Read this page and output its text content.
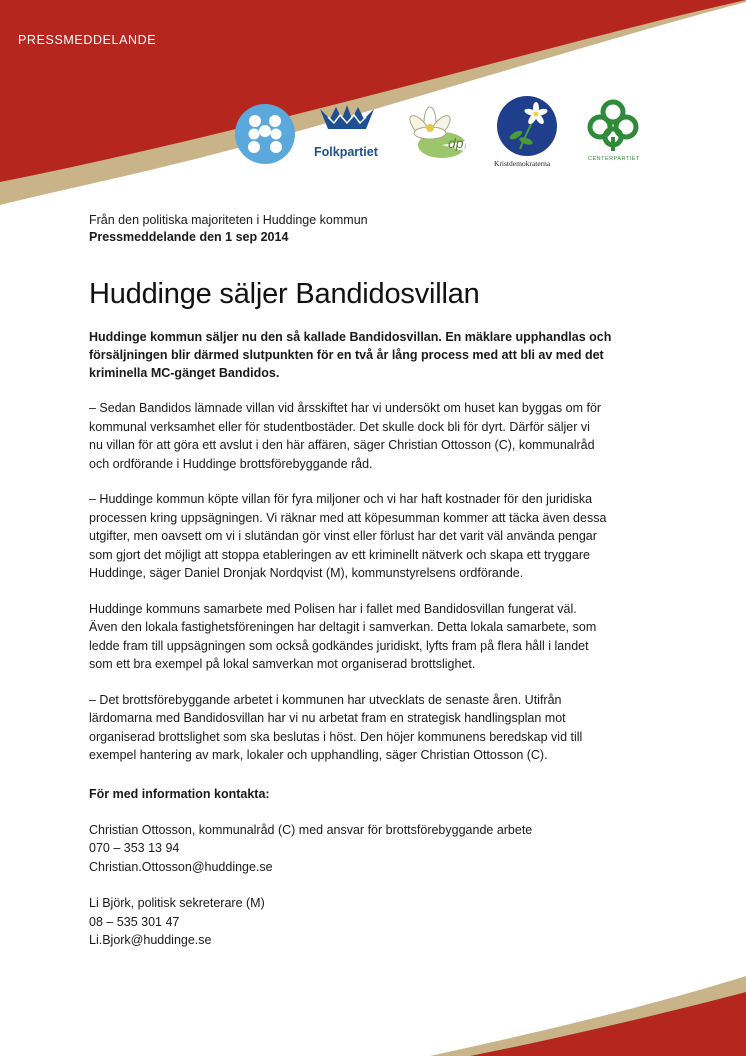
PRESSMEDDELANDE
Folkpartiet
dp
Kristdemokraterna	CENTERPARTIET
Från den politiska majoriteten i Huddinge kommun
Pressmeddelande den 1 sep 2014
Huddinge säljer Bandidosvillan
Huddinge kommun säljer nu den så kallade Bandidosvillan. En mäklare upphandlas och
försäljningen blir därmed slutpunkten för en två år lång process med att bli av med det
kriminella MC-gänget Bandidos.
– Sedan Bandidos lämnade villan vid årsskiftet har vi undersökt om huset kan byggas om för
kommunal verksamhet eller för studentbostäder. Det skulle dock bli för dyrt. Därför säljer vi
nu villan för att göra ett avslut i den här affären, säger Christian Ottosson (C), kommunalråd
och ordförande i Huddinge brottsförebyggande råd.
– Huddinge kommun köpte villan för fyra miljoner och vi har haft kostnader för den juridiska
processen kring uppsägningen. Vi räknar med att köpesumman kommer att täcka även dessa
utgifter, men oavsett om vi i slutändan gör vinst eller förlust har det varit väl använda pengar
som gjort det möjligt att stoppa etableringen av ett kriminellt nätverk och skapa ett tryggare
Huddinge, säger Daniel Dronjak Nordqvist (M), kommunstyrelsens ordförande.
Huddinge kommuns samarbete med Polisen har i fallet med Bandidosvillan fungerat väl.
Även den lokala fastighetsföreningen har deltagit i samverkan. Detta lokala samarbete, som
ledde fram till uppsägningen som också godkändes juridiskt, lyfts fram på flera håll i landet
som ett bra exempel på lokal samverkan mot organiserad brottslighet.
– Det brottsförebyggande arbetet i kommunen har utvecklats de senaste åren. Utifrån
lärdomarna med Bandidosvillan har vi nu arbetat fram en strategisk handlingsplan mot
organiserad brottslighet som ska beslutas i höst. Den höjer kommunens beredskap vid till
exempel hantering av mark, lokaler och upphandling, säger Christian Ottosson (C).
För med information kontakta:
Christian Ottosson, kommunalråd (C) med ansvar för brottsförebyggande arbete
070 – 353 13 94
Christian.Ottosson@huddinge.se
Li Björk, politisk sekreterare (M)
08 – 535 301 47
Li.Bjork@huddinge.se
